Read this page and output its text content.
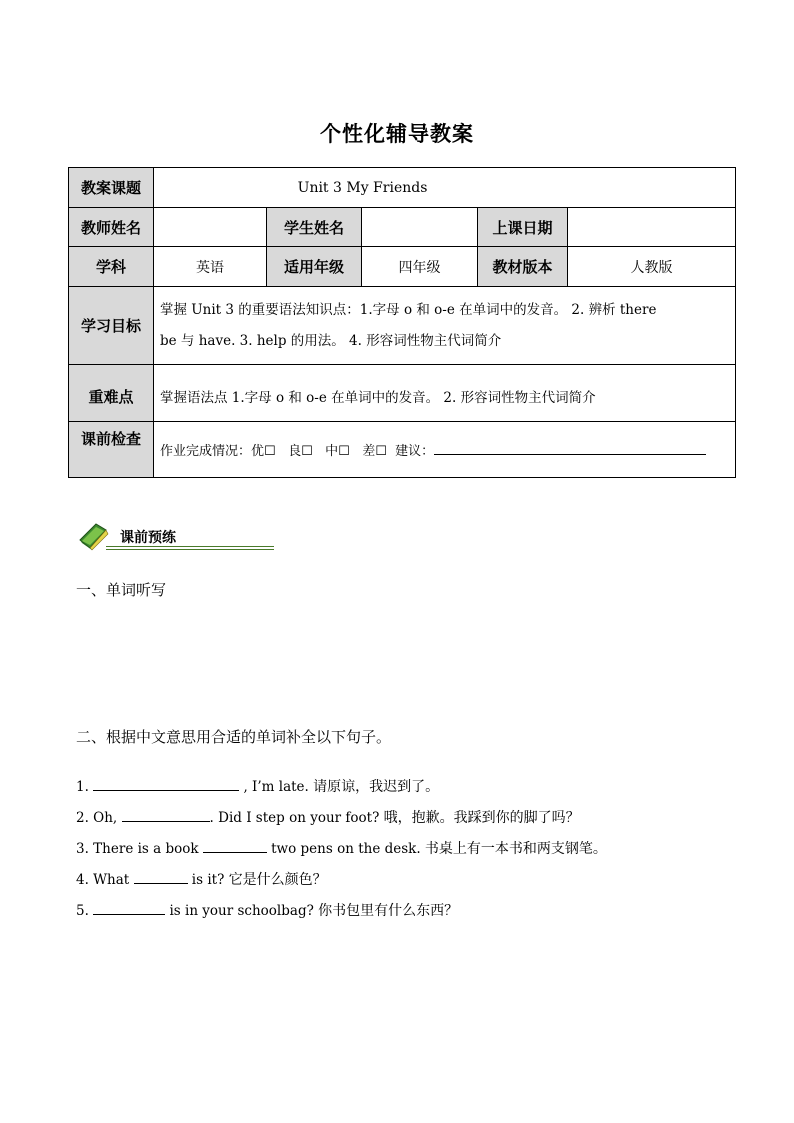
个性化辅导教案
教案课题	Unit 3 My Friends				
教师姓名		学生姓名		上课日期	
学科	英语	适用年级	四年级	教材版本	人教版
学习目标	掌握 Unit 3 的重要语法知识点：1.字母 o 和 o-e 在单词中的发音。 2. 辨析 there
be 与 have. 3. help 的用法。 4. 形容词性物主代词简介				

重难点	掌握语法点 1.字母 o 和 o-e 在单词中的发音。 2. 形容词性物主代词简介				
课前检查	作业完成情况：优☐ 良☐ 中☐ 差☐ 建议：				
课前预练
一、单词听写
二、根据中文意思用合适的单词补全以下句子。
1.	, I’m late. 请原谅，我迟到了。
2. Oh,	. Did I step on your foot? 哦，抱歉。我踩到你的脚了吗？
3. There is a book	two pens on the desk. 书桌上有一本书和两支钢笔。
4. What	is it? 它是什么颜色？
5.	is in your schoolbag? 你书包里有什么东西？
